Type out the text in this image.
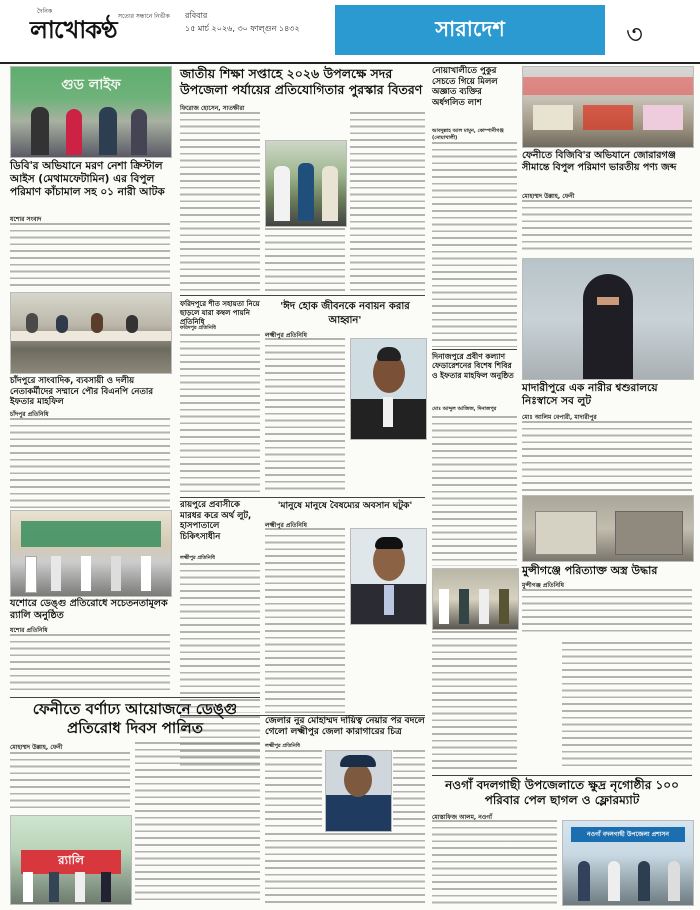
দৈনিক
লাখোকণ্ঠ সত্যের সন্ধানে নির্ভীক রবিবার
১৫ মার্চ ২০২৬, ৩০ ফাল্গুন ১৪৩২	সারাদেশ	৩
গুড লাইফ
ডিবি'র অভিযানে মরণ নেশা ক্রিস্টাল আইস (মেথামফেটামিন) এর বিপুল পরিমাণ কাঁচামাল সহ ০১ নারী আটক
যশোর সংবাদ
চাঁদপুরে সাংবাদিক, ব্যবসায়ী ও দলীয় নেতাকর্মীদের সম্মানে পৌর বিএনপি নেতার ইফতার মাহফিল
চাঁদপুর প্রতিনিধি
যশোরে ডেঙ্গু প্রতিরোধে সচেতনতামূলক র‍্যালি অনুষ্ঠিত
যশোর প্রতিনিধি
জাতীয় শিক্ষা সপ্তাহে ২০২৬ উপলক্ষে সদর উপজেলা পর্যায়ের প্রতিযোগিতার পুরস্কার বিতরণ
ফিরোজ হোসেন, সাতক্ষীরা
ফরিদপুরে শীত সহায়তা নিয়ে ছাড়লে যারা কম্বল পায়নি প্রতিনিধি
ফরিদপুর প্রতিনিধি
'ঈদ হোক জীবনকে নবায়ন করার আহ্বান'
লক্ষ্মীপুর প্রতিনিধি
রায়পুরে প্রবাসীকে মারধর করে অর্থ লুট, হাসপাতালে চিকিৎসাধীন
লক্ষ্মীপুর প্রতিনিধি
'মানুষে মানুষে বৈষম্যের অবসান ঘটুক'
লক্ষ্মীপুর প্রতিনিধি
জেলার নুর মোহাম্মদ দায়িত্ব নেয়ার পর বদলে গেলো লক্ষ্মীপুর জেলা কারাগারের চিত্র
লক্ষ্মীপুর প্রতিনিধি
নোয়াখালীতে পুকুর সেচতে গিয়ে মিলল অজ্ঞাত ব্যক্তির অর্ধগলিত লাশ
আবদুল্লাহ আল মামুন, কোম্পানীগঞ্জ (নোয়াখালী)
দিনাজপুরে প্রবীণ কল্যাণ ফেডারেশনের বিশেষ শিবির ও ইফতার মাহফিল অনুষ্ঠিত
মোঃ আব্দুল আজিজ, দিনাজপুর
ফেনীতে বিজিবি'র অভিযানে জোরারগঞ্জ সীমান্তে বিপুল পরিমাণ ভারতীয় পণ্য জব্দ
মোহাম্মদ উল্লাহ, ফেনী
মাদারীপুরে এক নারীর শ্বশুরালয়ে নিঃস্বাসে সব লুট
মোঃ আলিম বেপারী, মাদারীপুর
মুন্সীগঞ্জে পরিত্যাক্ত অস্ত্র উদ্ধার
মুন্সীগঞ্জ প্রতিনিধি
নওগাঁ বদলগাছী উপজেলাতে ক্ষুদ্র নৃগোষ্ঠীর ১০০ পরিবার পেল ছাগল ও ফ্লোরম্যাট
মোস্তাফিজ আলম, নওগাঁ
নওগাঁ বদলগাছী উপজেলা প্রশাসন
ফেনীতে বর্ণাঢ্য আয়োজনে ডেঙ্গু প্রতিরোধ দিবস পালিত
মোহাম্মদ উল্লাহ, ফেনী
র‍্যালি
